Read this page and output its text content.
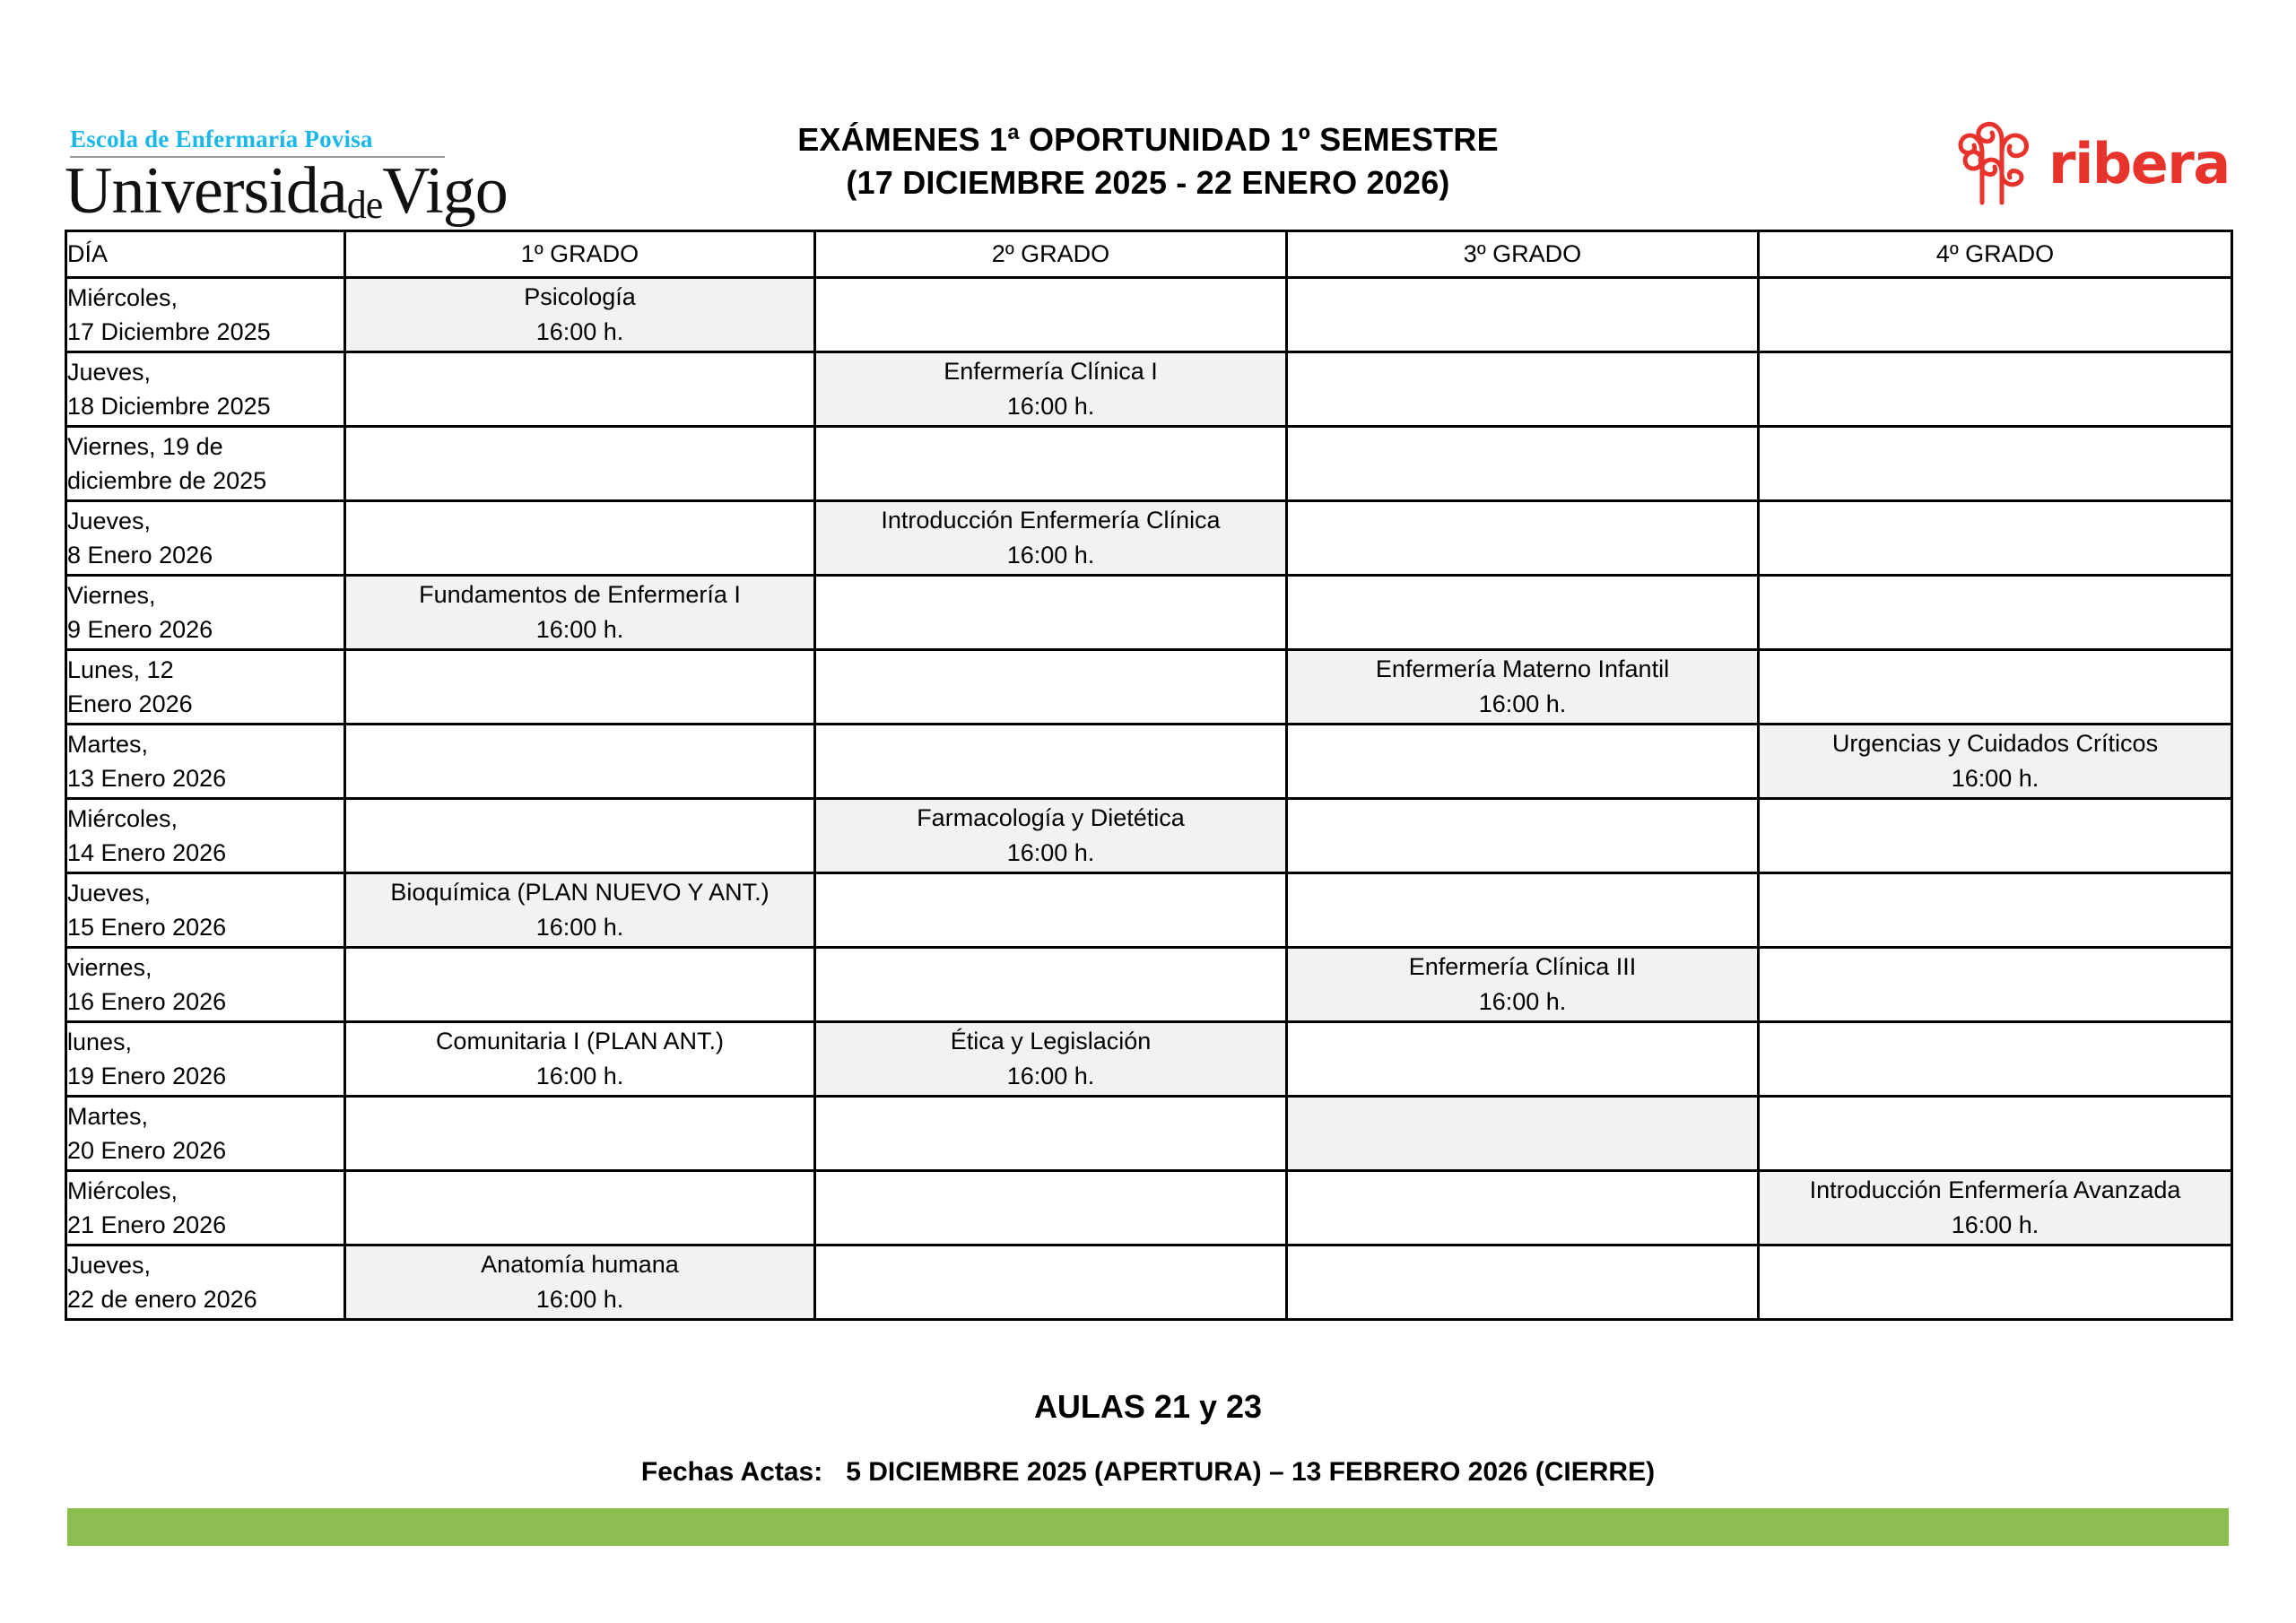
Escola de Enfermaría Povisa
UniversidadeVigo
EXÁMENES 1ª OPORTUNIDAD 1º SEMESTRE
(17 DICIEMBRE 2025 - 22 ENERO 2026)	ribera
DÍA	1º GRADO	2º GRADO	3º GRADO	4º GRADO

Miércoles,
17 Diciembre 2025	Psicología
16:00 h.			

Jueves,
18 Diciembre 2025		Enfermería Clínica I
16:00 h.		

Viernes, 19 de
diciembre de 2025				

Jueves,
8 Enero 2026		Introducción Enfermería Clínica
16:00 h.		

Viernes,
9 Enero 2026	Fundamentos de Enfermería I
16:00 h.			

Lunes, 12
Enero 2026			Enfermería Materno Infantil
16:00 h.	

Martes,
13 Enero 2026				Urgencias y Cuidados Críticos
16:00 h.

Miércoles,
14 Enero 2026		Farmacología y Dietética
16:00 h.		

Jueves,
15 Enero 2026	Bioquímica (PLAN NUEVO Y ANT.)
16:00 h.			

viernes,
16 Enero 2026			Enfermería Clínica III
16:00 h.	

lunes,
19 Enero 2026	Comunitaria I (PLAN ANT.)
16:00 h.	Ética y Legislación
16:00 h.		

Martes,
20 Enero 2026				

Miércoles,
21 Enero 2026				Introducción Enfermería Avanzada
16:00 h.

Jueves,
22 de enero 2026	Anatomía humana
16:00 h.			

AULAS 21 y 23
Fechas Actas: 5 DICIEMBRE 2025 (APERTURA) – 13 FEBRERO 2026 (CIERRE)
